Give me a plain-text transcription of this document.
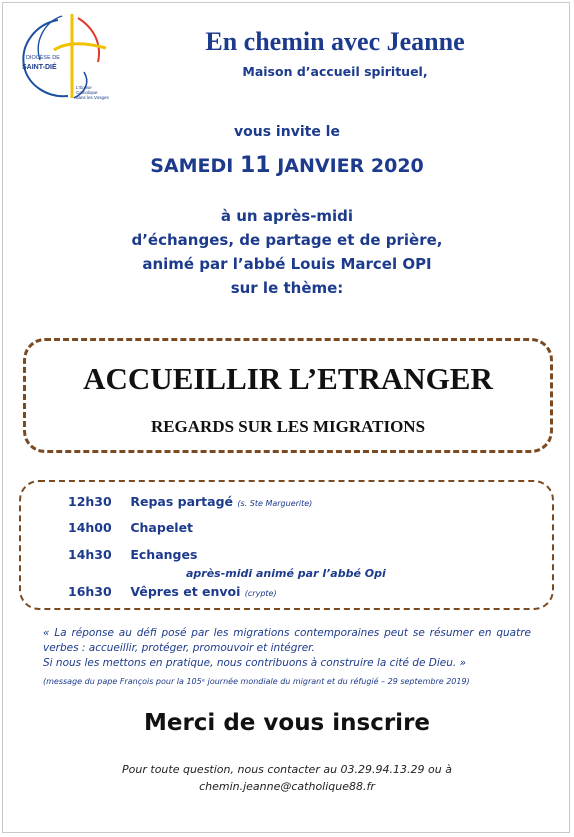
DIOCÈSE DE
SAINT-DIÉ
L'Église
Catholique
dans les Vosges
En chemin avec Jeanne
Maison d’accueil spirituel,
vous invite le
SAMEDI 11 JANVIER 2020
à un après-midi
d’échanges, de partage et de prière,
animé par l’abbé Louis Marcel OPI
sur le thème:
ACCUEILLIR L’ETRANGER
REGARDS SUR LES MIGRATIONS
12h30 Repas partagé (s. Ste Marguerite)
14h00 Chapelet
14h30 Echanges
après-midi animé par l’abbé Opi
16h30 Vêpres et envoi (crypte)
« La réponse au défi posé par les migrations contemporaines peut se résumer en quatre verbes : accueillir, protéger, promouvoir et intégrer.
Si nous les mettons en pratique, nous contribuons à construire la cité de Dieu. »
(message du pape François pour la 105ᵉ journée mondiale du migrant et du réfugié – 29 septembre 2019)
Merci de vous inscrire
Pour toute question, nous contacter au 03.29.94.13.29 ou à
chemin.jeanne@catholique88.fr
